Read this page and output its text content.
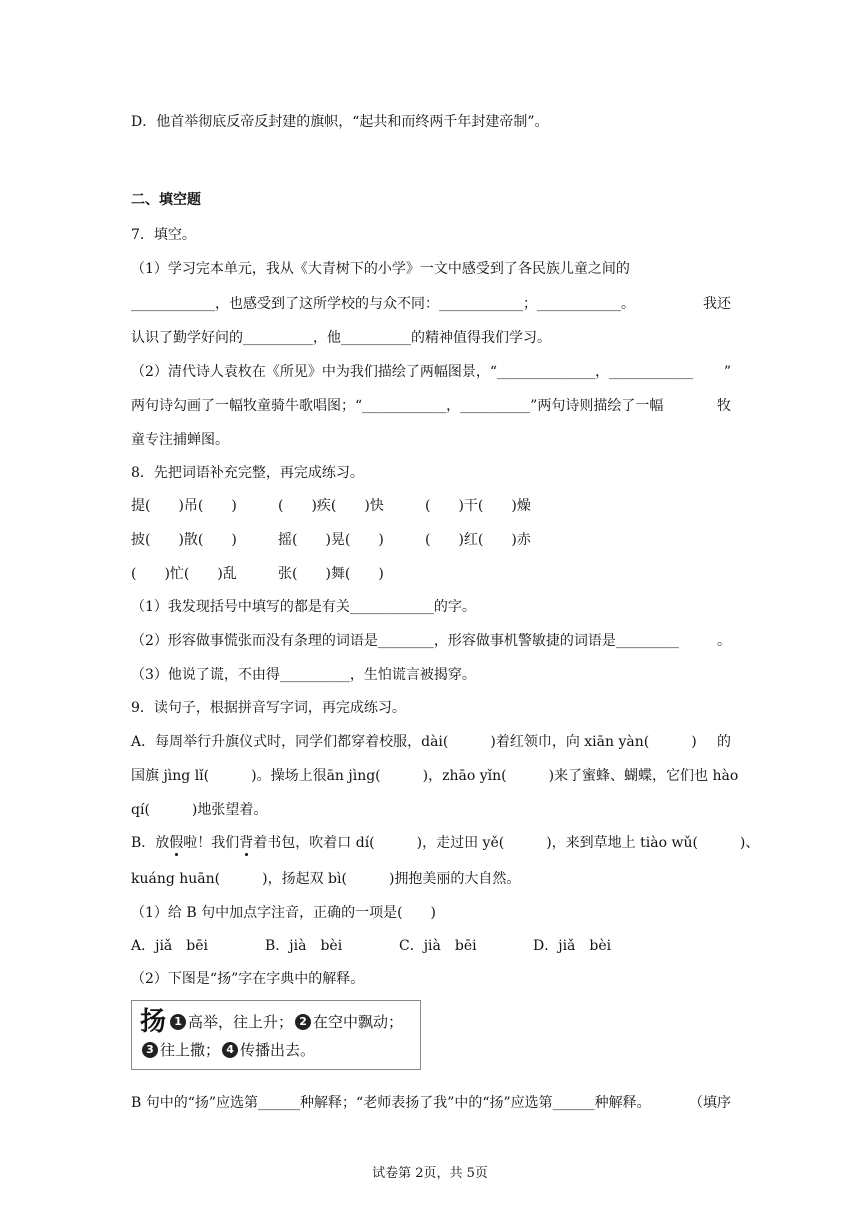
D．他首举彻底反帝反封建的旗帜，“起共和而终两千年封建帝制”。
二、填空题
7．填空。
（1）学习完本单元，我从《大青树下的小学》一文中感受到了各民族儿童之间的
____________，也感受到了这所学校的与众不同：____________；____________。	我还
认识了勤学好问的__________，他__________的精神值得我们学习。
（2）清代诗人袁枚在《所见》中为我们描绘了两幅图景，“______________，____________ ”
两句诗勾画了一幅牧童骑牛歌唱图；“____________，__________”两句诗则描绘了一幅	牧
童专注捕蝉图。
8．先把词语补充完整，再完成练习。
提(　　)吊(　　)	(　　)疾(　　)快	(　　)干(　　)燥
披(　　)散(　　)	摇(　　)晃(　　)	(　　)红(　　)赤
(　　)忙(　　)乱	张(　　)舞(　　)
（1）我发现括号中填写的都是有关____________的字。
（2）形容做事慌张而没有条理的词语是________，形容做事机警敏捷的词语是_________	。
（3）他说了谎，不由得__________，生怕谎言被揭穿。
9．读句子，根据拼音写字词，再完成练习。
A．每周举行升旗仪式时，同学们都穿着校服，dài(　　　)着红领巾，向 xiān yàn(　　　) 的
国旗 jìng lǐ(　　　)。操场上很ān jìng(　　　)，zhāo yǐn(　　　)来了蜜蜂、蝴蝶，它们也 hào
qí(　　　)地张望着。
B．放假啦！我们背着书包，吹着口 dí(　　　)，走过田 yě(　　　)，来到草地上 tiào wǔ(　　　) 、
kuáng huān(　　　)，扬起双 bì(　　　)拥抱美丽的大自然。
（1）给 B 句中加点字注音，正确的一项是(　　)
A．jiǎ　bēi	B．jià　bèi	C．jià　bēi	D．jiǎ　bèi
（2）下图是“扬”字在字典中的解释。
扬 1 高举，往上升； 2 在空中飘动；
3 往上撒； 4 传播出去。
B 句中的“扬”应选第______种解释；“老师表扬了我”中的“扬”应选第______种解释。	（填序
试卷第 2页，共 5页
